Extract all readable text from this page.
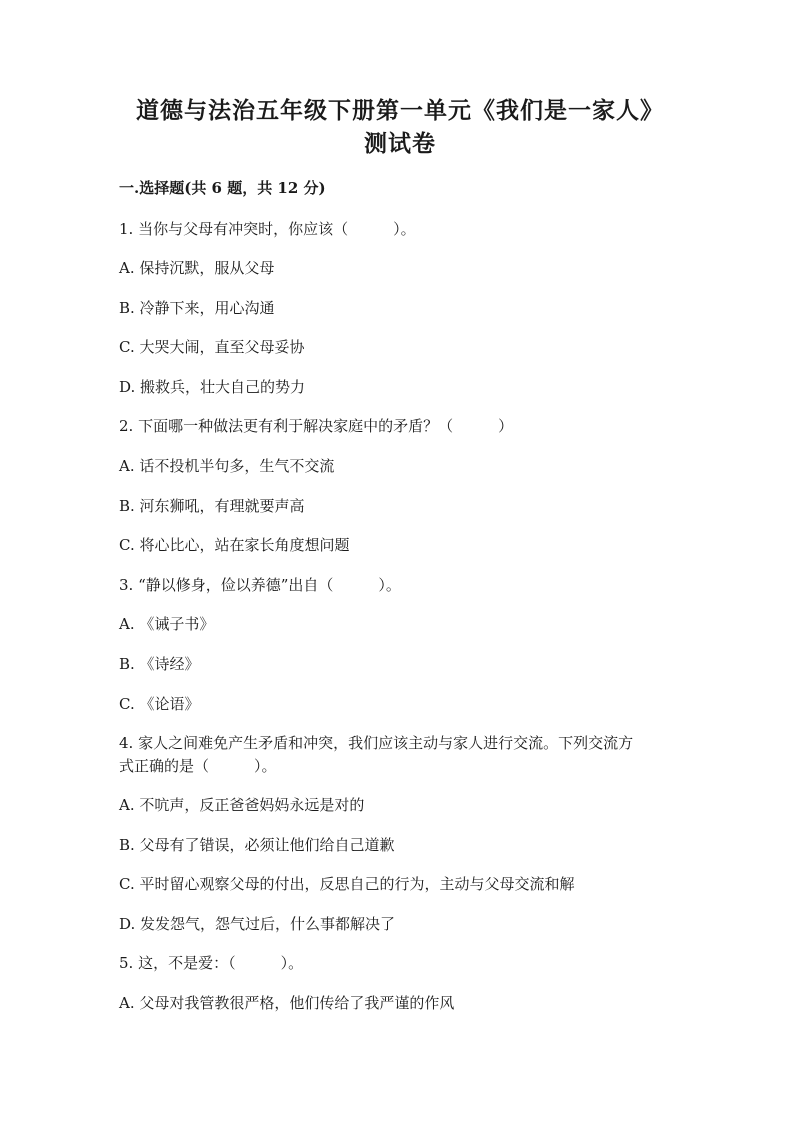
道德与法治五年级下册第一单元《我们是一家人》
测试卷
一.选择题(共 6 题，共 12 分)
1. 当你与父母有冲突时，你应该（　　　）。
A. 保持沉默，服从父母
B. 冷静下来，用心沟通
C. 大哭大闹，直至父母妥协
D. 搬救兵，壮大自己的势力
2. 下面哪一种做法更有利于解决家庭中的矛盾？（　　　）
A. 话不投机半句多，生气不交流
B. 河东狮吼，有理就要声高
C. 将心比心，站在家长角度想问题
3. “静以修身，俭以养德”出自（　　　）。
A. 《诫子书》
B. 《诗经》
C. 《论语》
4. 家人之间难免产生矛盾和冲突，我们应该主动与家人进行交流。下列交流方
式正确的是（　　　）。
A. 不吭声，反正爸爸妈妈永远是对的
B. 父母有了错误，必须让他们给自己道歉
C. 平时留心观察父母的付出，反思自己的行为，主动与父母交流和解
D. 发发怨气，怨气过后，什么事都解决了
5. 这，不是爱：（　　　）。
A. 父母对我管教很严格，他们传给了我严谨的作风
